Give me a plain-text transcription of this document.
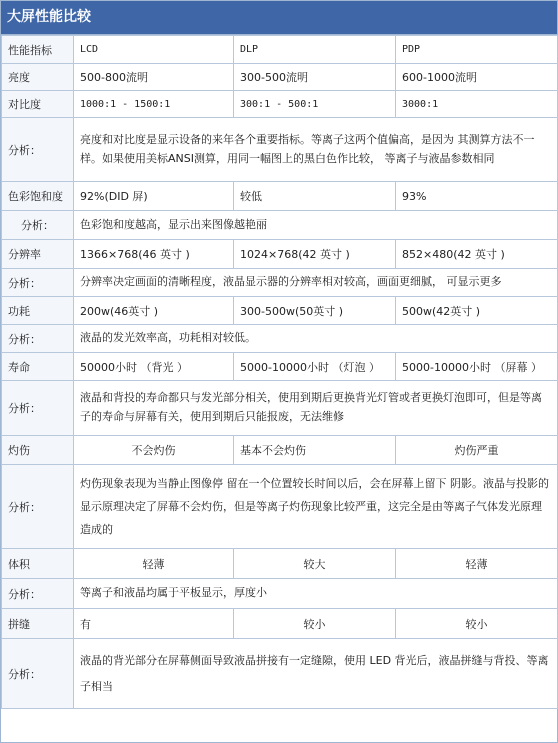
大屏性能比较
性能指标	LCD	DLP	PDP
亮度	500-800流明	300-500流明	600-1000流明
对比度	1000:1 - 1500:1	300:1 - 500:1	3000:1
分析：	亮度和对比度是显示设备的来年各个重要指标。等离子这两个值偏高，是因为 其测算方法不一样。如果使用美标ANSI测算，用同一幅图上的黑白色作比较， 等离子与液晶参数相同		
色彩饱和度	92%(DID 屏)	较低	93%
分析：	色彩饱和度越高，显示出来图像越艳丽		
分辨率	1366×768(46 英寸 )	1024×768(42 英寸 )	852×480(42 英寸 )
分析：	分辨率决定画面的清晰程度，液晶显示器的分辨率相对较高，画面更细腻， 可显示更多		
功耗	200w(46英寸 )	300-500w(50英寸 )	500w(42英寸 )
分析：	液晶的发光效率高，功耗相对较低。		
寿命	50000小时 （背光 ）	5000-10000小时 （灯泡 ）	5000-10000小时 （屏幕 ）
分析：	液晶和背投的寿命都只与发光部分相关，使用到期后更换背光灯管或者更换灯泡即可，但是等离子的寿命与屏幕有关，使用到期后只能报废，无法维修		
灼伤	不会灼伤	基本不会灼伤	灼伤严重
分析：	灼伤现象表现为当静止图像停 留在一个位置较长时间以后，会在屏幕上留下 阴影。液晶与投影的显示原理决定了屏幕不会灼伤，但是等离子灼伤现象比较严重，这完全是由等离子气体发光原理造成的		
体积	轻薄	较大	轻薄
分析：	等离子和液晶均属于平板显示，厚度小		
拼缝	有	较小	较小
分析：	液晶的背光部分在屏幕侧面导致液晶拼接有一定缝隙，使用 LED 背光后，液晶拼缝与背投、等离子相当		
